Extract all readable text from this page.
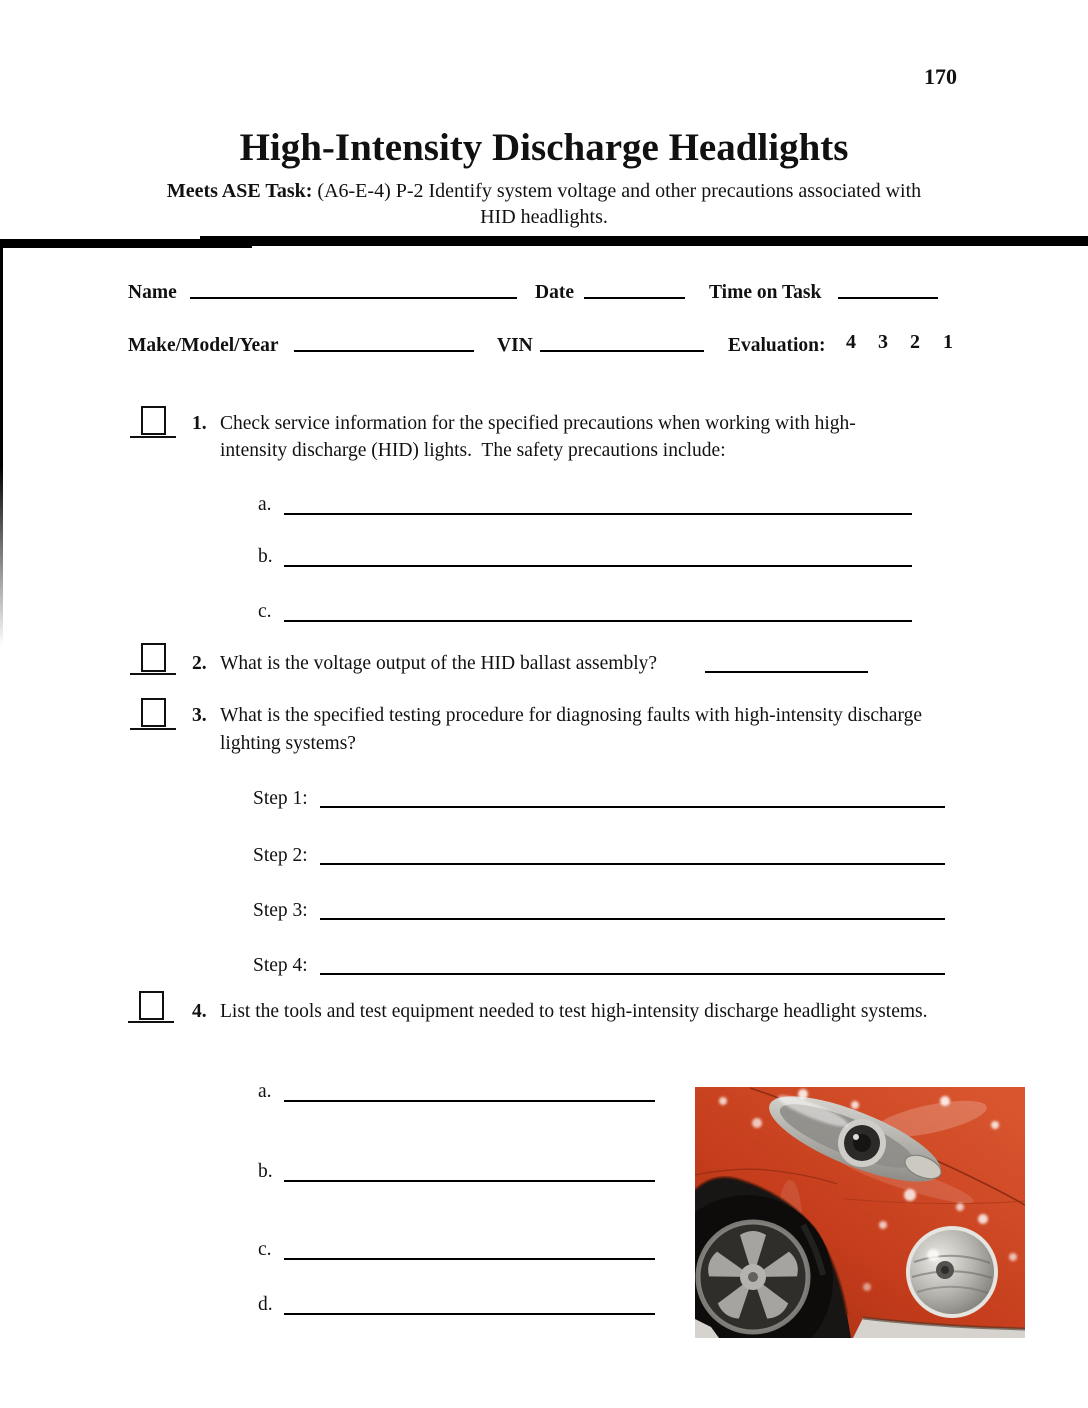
170
High-Intensity Discharge Headlights
Meets ASE Task: (A6-E-4) P-2 Identify system voltage and other precautions associated with
HID headlights.
Name	Date	Time on Task
Make/Model/Year	VIN	Evaluation: 4 3 2 1
1. Check service information for the specified precautions when working with high-intensity discharge (HID) lights.  The safety precautions include:
a.
b.
c.
2. What is the voltage output of the HID ballast assembly?
3. What is the specified testing procedure for diagnosing faults with high-intensity discharge lighting systems?
Step 1:
Step 2:
Step 3:
Step 4:
4. List the tools and test equipment needed to test high-intensity discharge headlight systems.
a.
b.
c.
d.
